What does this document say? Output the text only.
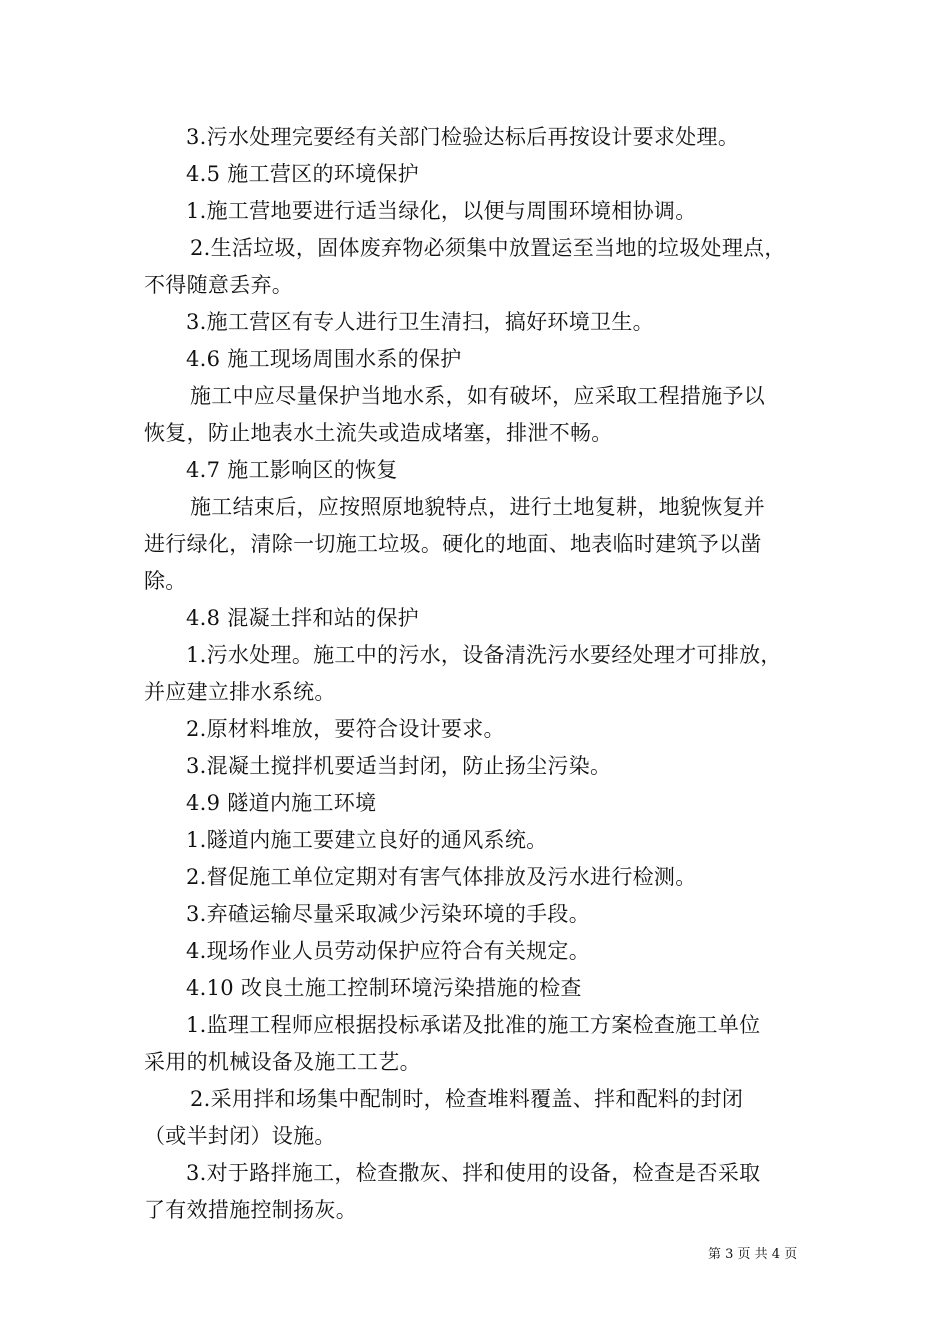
3.污水处理完要经有关部门检验达标后再按设计要求处理。
4.5 施工营区的环境保护
1.施工营地要进行适当绿化，以便与周围环境相协调。
2.生活垃圾，固体废弃物必须集中放置运至当地的垃圾处理点，
不得随意丢弃。
3.施工营区有专人进行卫生清扫，搞好环境卫生。
4.6 施工现场周围水系的保护
施工中应尽量保护当地水系，如有破坏，应采取工程措施予以
恢复，防止地表水土流失或造成堵塞，排泄不畅。
4.7 施工影响区的恢复
施工结束后，应按照原地貌特点，进行土地复耕，地貌恢复并
进行绿化，清除一切施工垃圾。硬化的地面、地表临时建筑予以凿
除。
4.8 混凝土拌和站的保护
1.污水处理。施工中的污水，设备清洗污水要经处理才可排放，
并应建立排水系统。
2.原材料堆放，要符合设计要求。
3.混凝土搅拌机要适当封闭，防止扬尘污染。
4.9 隧道内施工环境
1.隧道内施工要建立良好的通风系统。
2.督促施工单位定期对有害气体排放及污水进行检测。
3.弃碴运输尽量采取减少污染环境的手段。
4.现场作业人员劳动保护应符合有关规定。
4.10 改良土施工控制环境污染措施的检查
1.监理工程师应根据投标承诺及批准的施工方案检查施工单位
采用的机械设备及施工工艺。
2.采用拌和场集中配制时，检查堆料覆盖、拌和配料的封闭
（或半封闭）设施。
3.对于路拌施工，检查撒灰、拌和使用的设备，检查是否采取
了有效措施控制扬灰。
第 3 页 共 4 页
